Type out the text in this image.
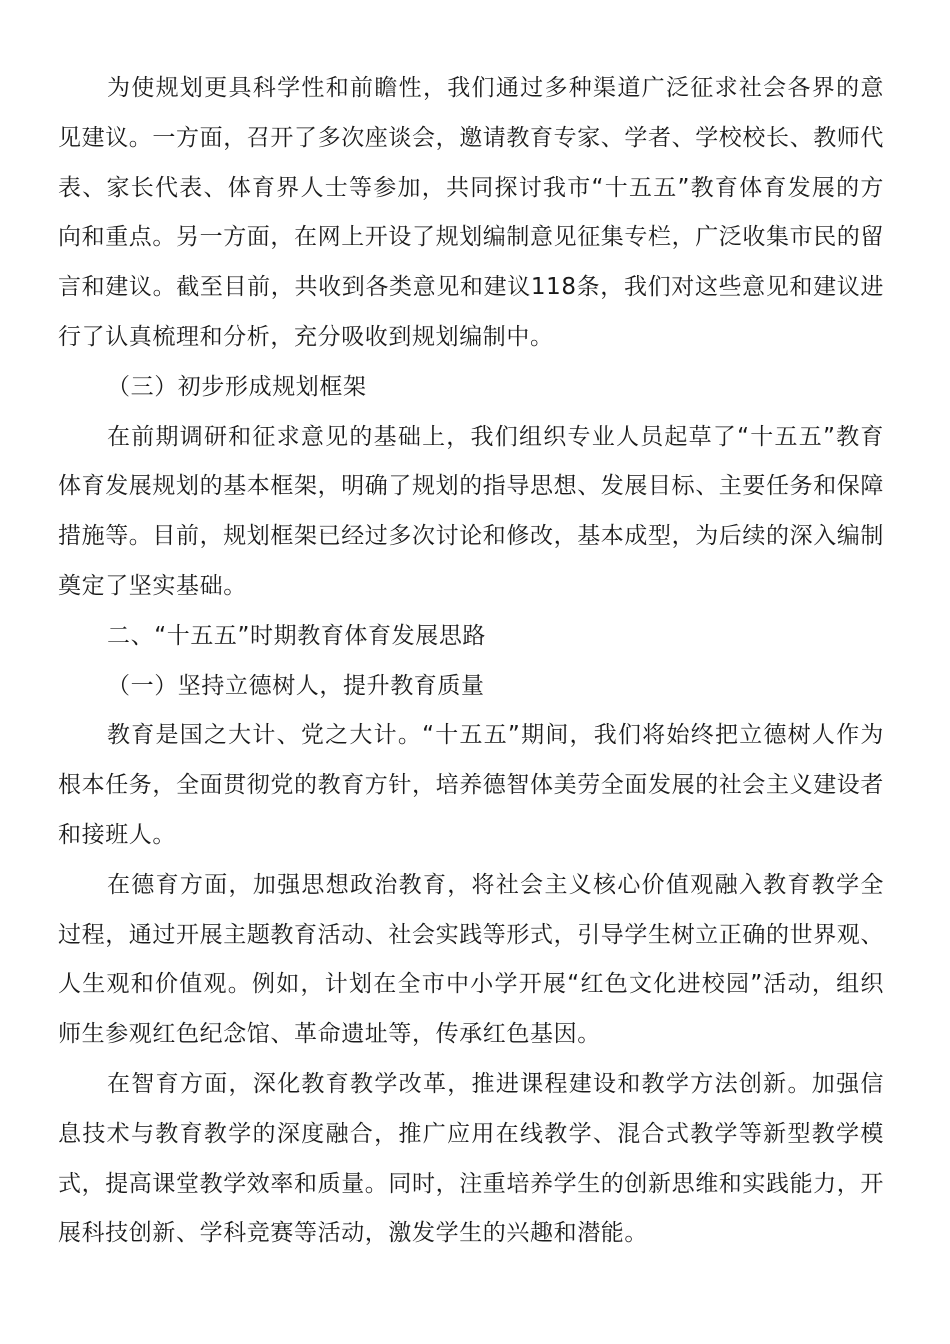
为使规划更具科学性和前瞻性，我们通过多种渠道广泛征求社会各界的意见建议。一方面，召开了多次座谈会，邀请教育专家、学者、学校校长、教师代表、家长代表、体育界人士等参加，共同探讨我市“十五五”教育体育发展的方向和重点。另一方面，在网上开设了规划编制意见征集专栏，广泛收集市民的留言和建议。截至目前，共收到各类意见和建议118条，我们对这些意见和建议进行了认真梳理和分析，充分吸收到规划编制中。

（三）初步形成规划框架

在前期调研和征求意见的基础上，我们组织专业人员起草了“十五五”教育体育发展规划的基本框架，明确了规划的指导思想、发展目标、主要任务和保障措施等。目前，规划框架已经过多次讨论和修改，基本成型，为后续的深入编制奠定了坚实基础。

二、“十五五”时期教育体育发展思路

（一）坚持立德树人，提升教育质量

教育是国之大计、党之大计。“十五五”期间，我们将始终把立德树人作为根本任务，全面贯彻党的教育方针，培养德智体美劳全面发展的社会主义建设者和接班人。

在德育方面，加强思想政治教育，将社会主义核心价值观融入教育教学全过程，通过开展主题教育活动、社会实践等形式，引导学生树立正确的世界观、人生观和价值观。例如，计划在全市中小学开展“红色文化进校园”活动，组织师生参观红色纪念馆、革命遗址等，传承红色基因。

在智育方面，深化教育教学改革，推进课程建设和教学方法创新。加强信息技术与教育教学的深度融合，推广应用在线教学、混合式教学等新型教学模式，提高课堂教学效率和质量。同时，注重培养学生的创新思维和实践能力，开展科技创新、学科竞赛等活动，激发学生的兴趣和潜能。
